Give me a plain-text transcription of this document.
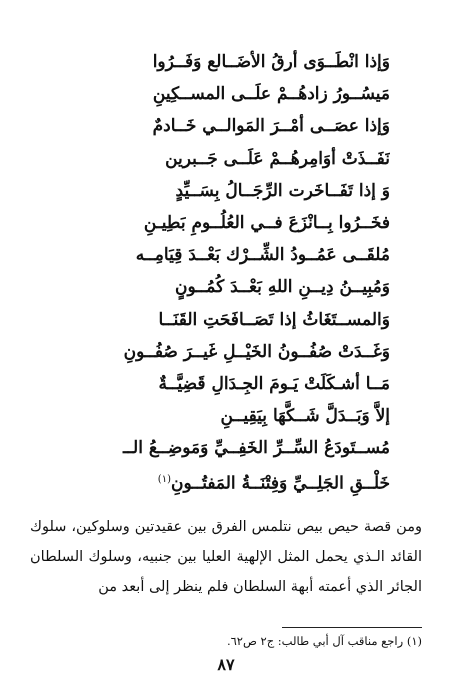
وَإذا انْطَــوَى أرقُ الأضَــالع وَفَــرُوا
مَيسُــورُ زادهُــمْ علَــى المســكِينِ
وَإذا عصَــى أمْــرَ المَوالــي خَــادمٌ
نَفَــذَتْ أوَامِرهُــمْ عَلَــى جَــبرين
وَ إذا تَفَــاخَرت الرِّجَــالُ بِسَــيِّدٍ
فخَــرُوا بِــانْزَعَ فــي العُلُــومِ بَطِيـنِ
مُلقَــى عَمُــودُ الشِّــرْك بَعْــدَ قِيَامِــه
وَمُبِيــنُ دِيــنِ اللهِ بَعْــدَ كُمُــونٍ
وَالمســتَغَاثُ إذا تَصَــافَحَتِ القَنَــا
وَغَــدَتْ صُفُــونُ الخَيْــلِ غَيــرَ صُفُــونِ
مَــا أشـكَلَتْ يَـومَ الجِـدَالِ قَضِيَّــةٌ
إلاَّ وَبَــدَلَّ شَــكَّهَا بِيَقِيــنِ
مُســتَودَعُ السِّــرِّ الخَفِــيِّ وَمَوضِــعُ الــ
خَلْــقِ الجَلِــيِّ وَفِتْنَــةُ المَفتُــونِ$^{(١)}$

ومن قصة حيص بيص نتلمس الفرق بين عقيدتين وسلوكين، سلوك القائد الـذي يحمل المثل الإلهية العليا بين جنبيه، وسلوك السلطان الجائر الذي أعمته أبهة السلطان فلم ينظر إلى أبعد من

(١) راجع مناقب آل أبي طالب: ج٢ ص٦٢.
٨٧
